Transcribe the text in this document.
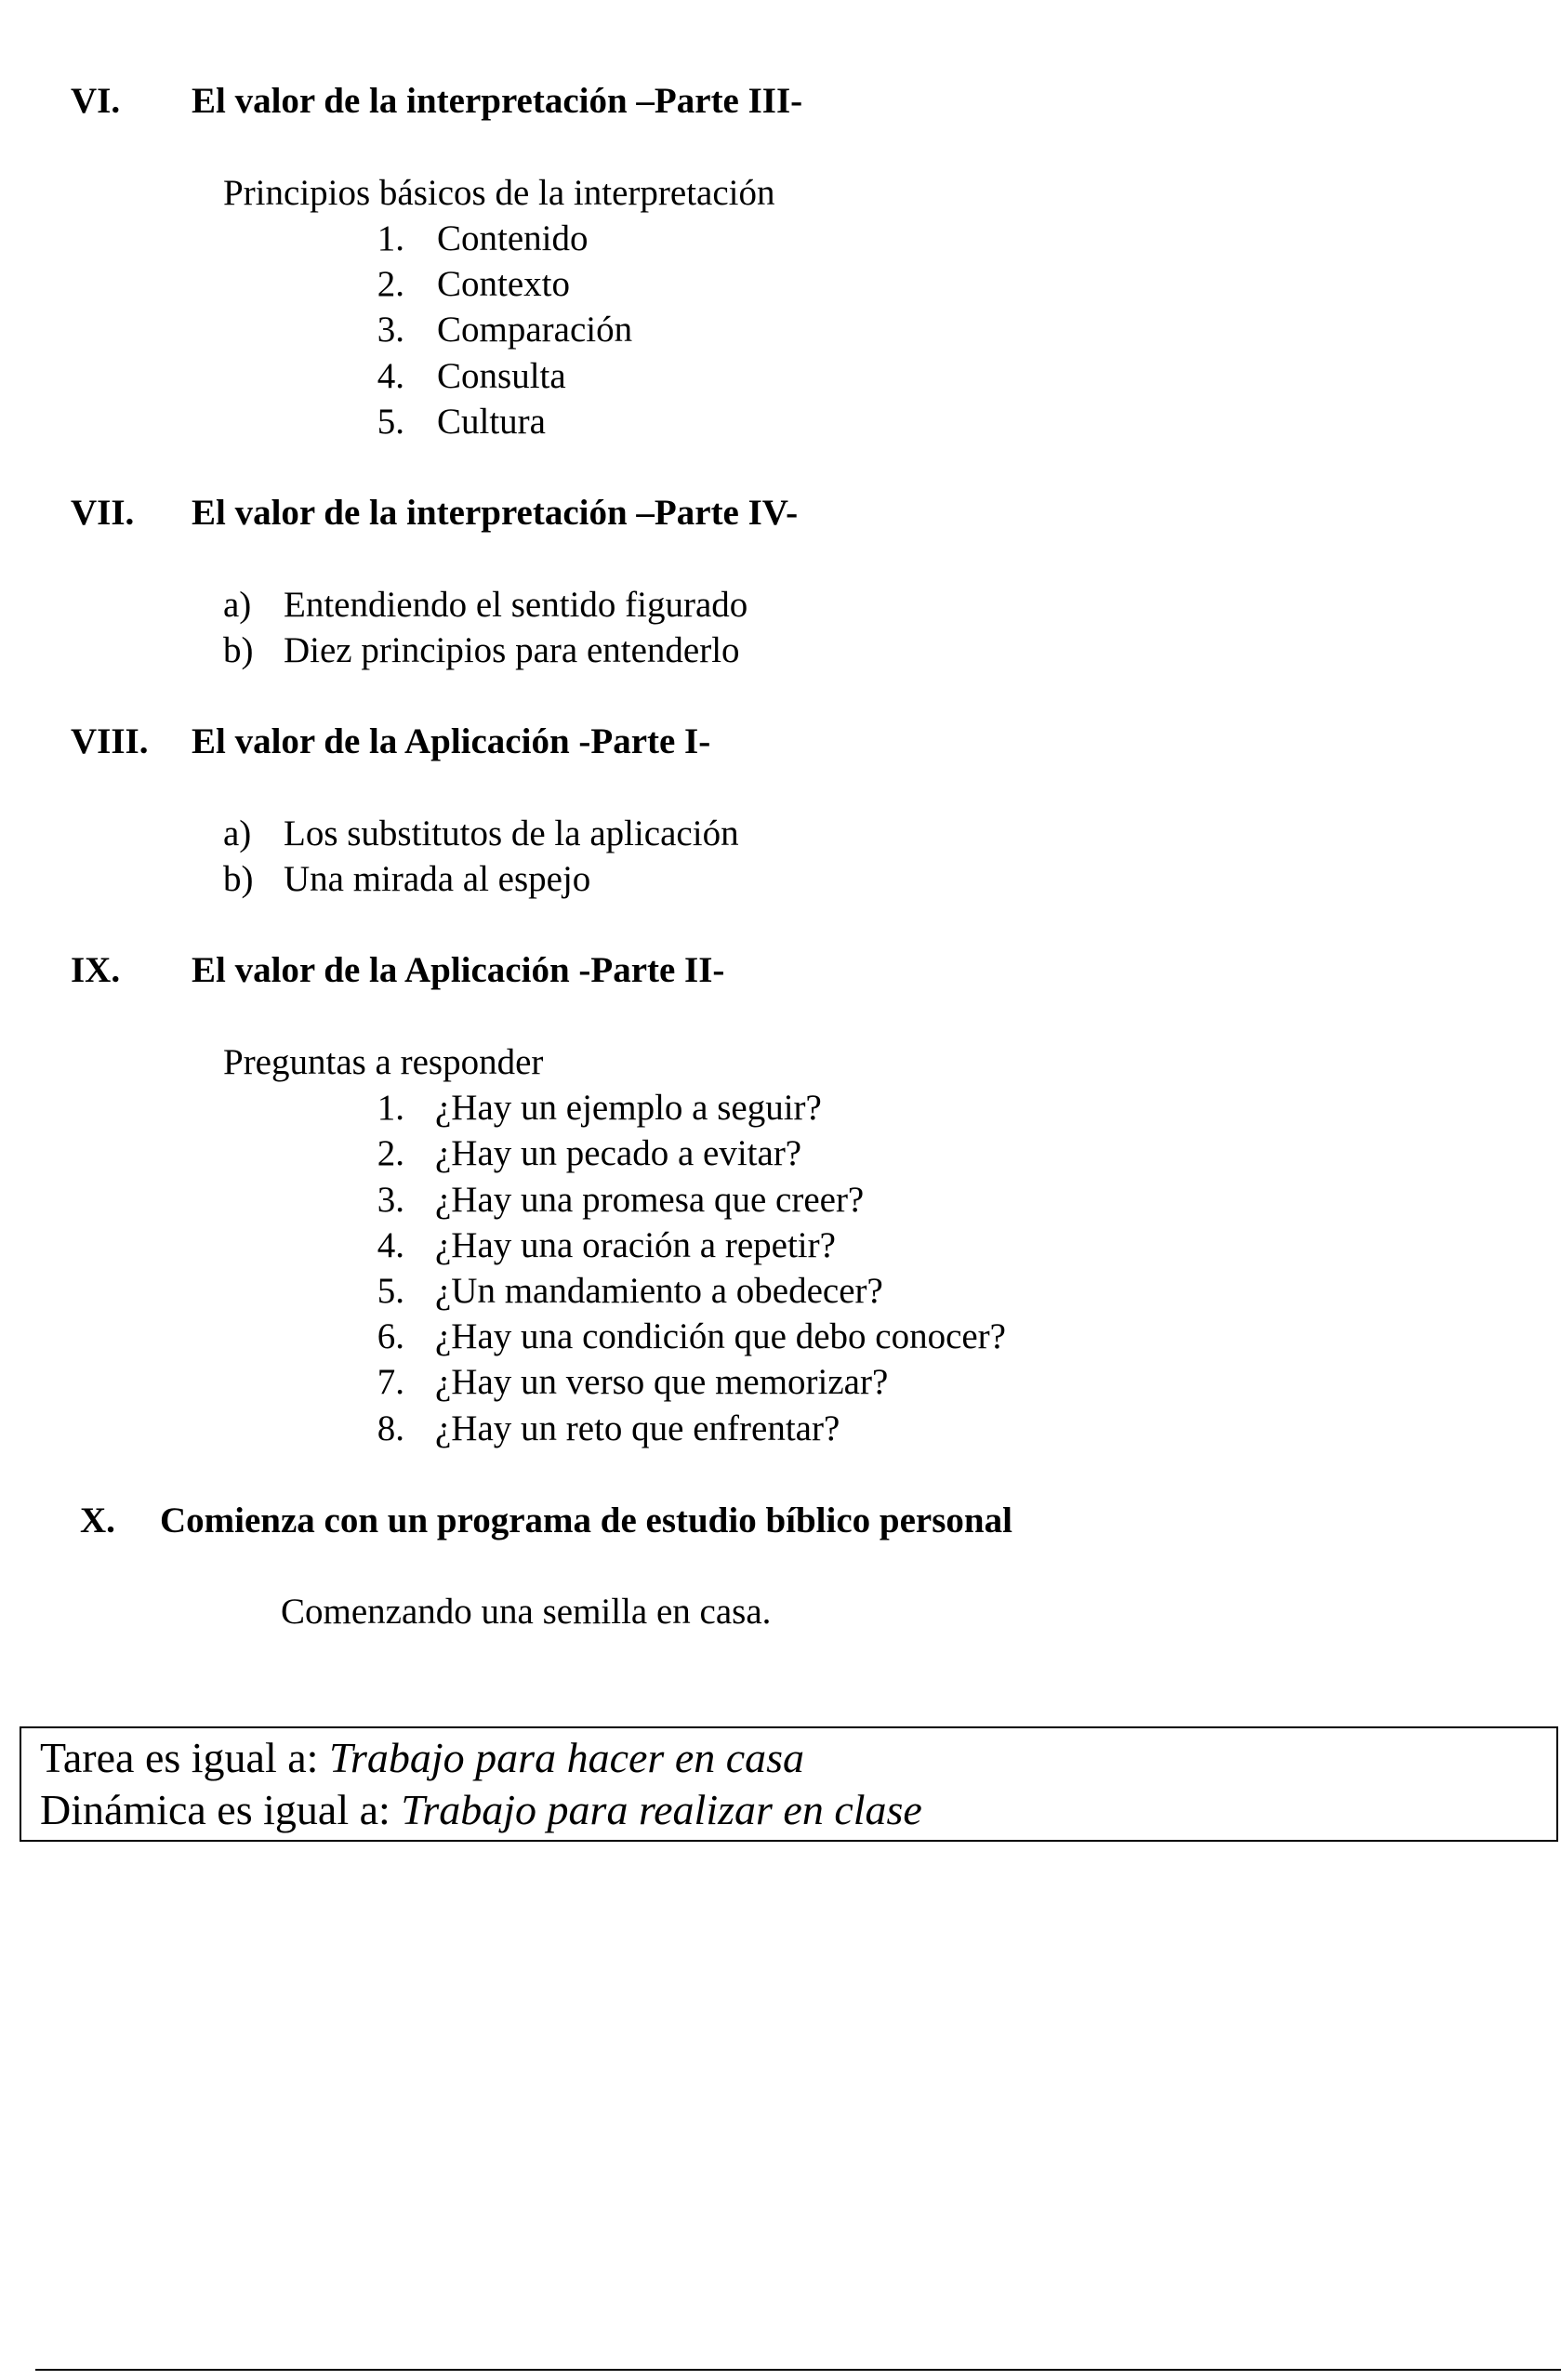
VI. El valor de la interpretación –Parte III-
Principios básicos de la interpretación
1. Contenido
2. Contexto
3. Comparación
4. Consulta
5. Cultura
VII. El valor de la interpretación –Parte IV-
a) Entendiendo el sentido figurado
b) Diez principios para entenderlo
VIII. El valor de la Aplicación -Parte I-
a) Los substitutos de la aplicación
b) Una mirada al espejo
IX. El valor de la Aplicación -Parte II-
Preguntas a responder
1. ¿Hay un ejemplo a seguir?
2. ¿Hay un pecado a evitar?
3. ¿Hay una promesa que creer?
4. ¿Hay una oración a repetir?
5. ¿Un mandamiento a obedecer?
6. ¿Hay una condición que debo conocer?
7. ¿Hay un verso que memorizar?
8. ¿Hay un reto que enfrentar?
X. Comienza con un programa de estudio bíblico personal
Comenzando una semilla en casa.
Tarea es igual a: Trabajo para hacer en casa
Dinámica es igual a: Trabajo para realizar en clase
